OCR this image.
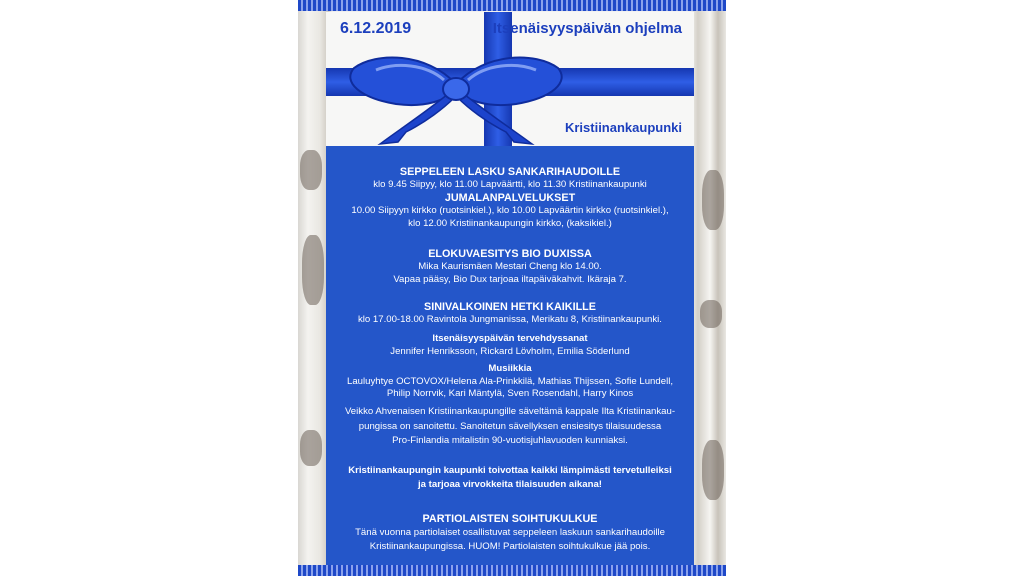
6.12.2019	Itsenäisyyspäivän ohjelma
Kristiinankaupunki
SEPPELEEN LASKU SANKARIHAUDOILLE
klo 9.45 Siipyy, klo 11.00 Lapväärtti, klo 11.30 Kristiinankaupunki
JUMALANPALVELUKSET
10.00 Siipyyn kirkko (ruotsinkiel.), klo 10.00 Lapväärtin kirkko (ruotsinkiel.),
klo 12.00 Kristiinankaupungin kirkko, (kaksikiel.)
ELOKUVAESITYS BIO DUXISSA
Mika Kaurismäen Mestari Cheng klo 14.00.
Vapaa pääsy, Bio Dux tarjoaa iltapäiväkahvit. Ikäraja 7.
SINIVALKOINEN HETKI KAIKILLE
klo 17.00-18.00 Ravintola Jungmanissa, Merikatu 8, Kristiinankaupunki.
Itsenäisyyspäivän tervehdyssanat
Jennifer Henriksson, Rickard Lövholm, Emilia Söderlund
Musiikkia
Lauluyhtye OCTOVOX/Helena Ala-Prinkkilä, Mathias Thijssen, Sofie Lundell,
Philip Norrvik, Kari Mäntylä, Sven Rosendahl, Harry Kinos
Veikko Ahvenaisen Kristiinankaupungille säveltämä kappale Ilta Kristiinankau-
pungissa on sanoitettu. Sanoitetun sävellyksen ensiesitys tilaisuudessa
Pro-Finlandia mitalistin 90-vuotisjuhlavuoden kunniaksi.
Kristiinankaupungin kaupunki toivottaa kaikki lämpimästi tervetulleiksi
ja tarjoaa virvokkeita tilaisuuden aikana!
PARTIOLAISTEN SOIHTUKULKUE
Tänä vuonna partiolaiset osallistuvat seppeleen laskuun sankarihaudoille
Kristiinankaupungissa. HUOM! Partiolaisten soihtukulkue jää pois.
